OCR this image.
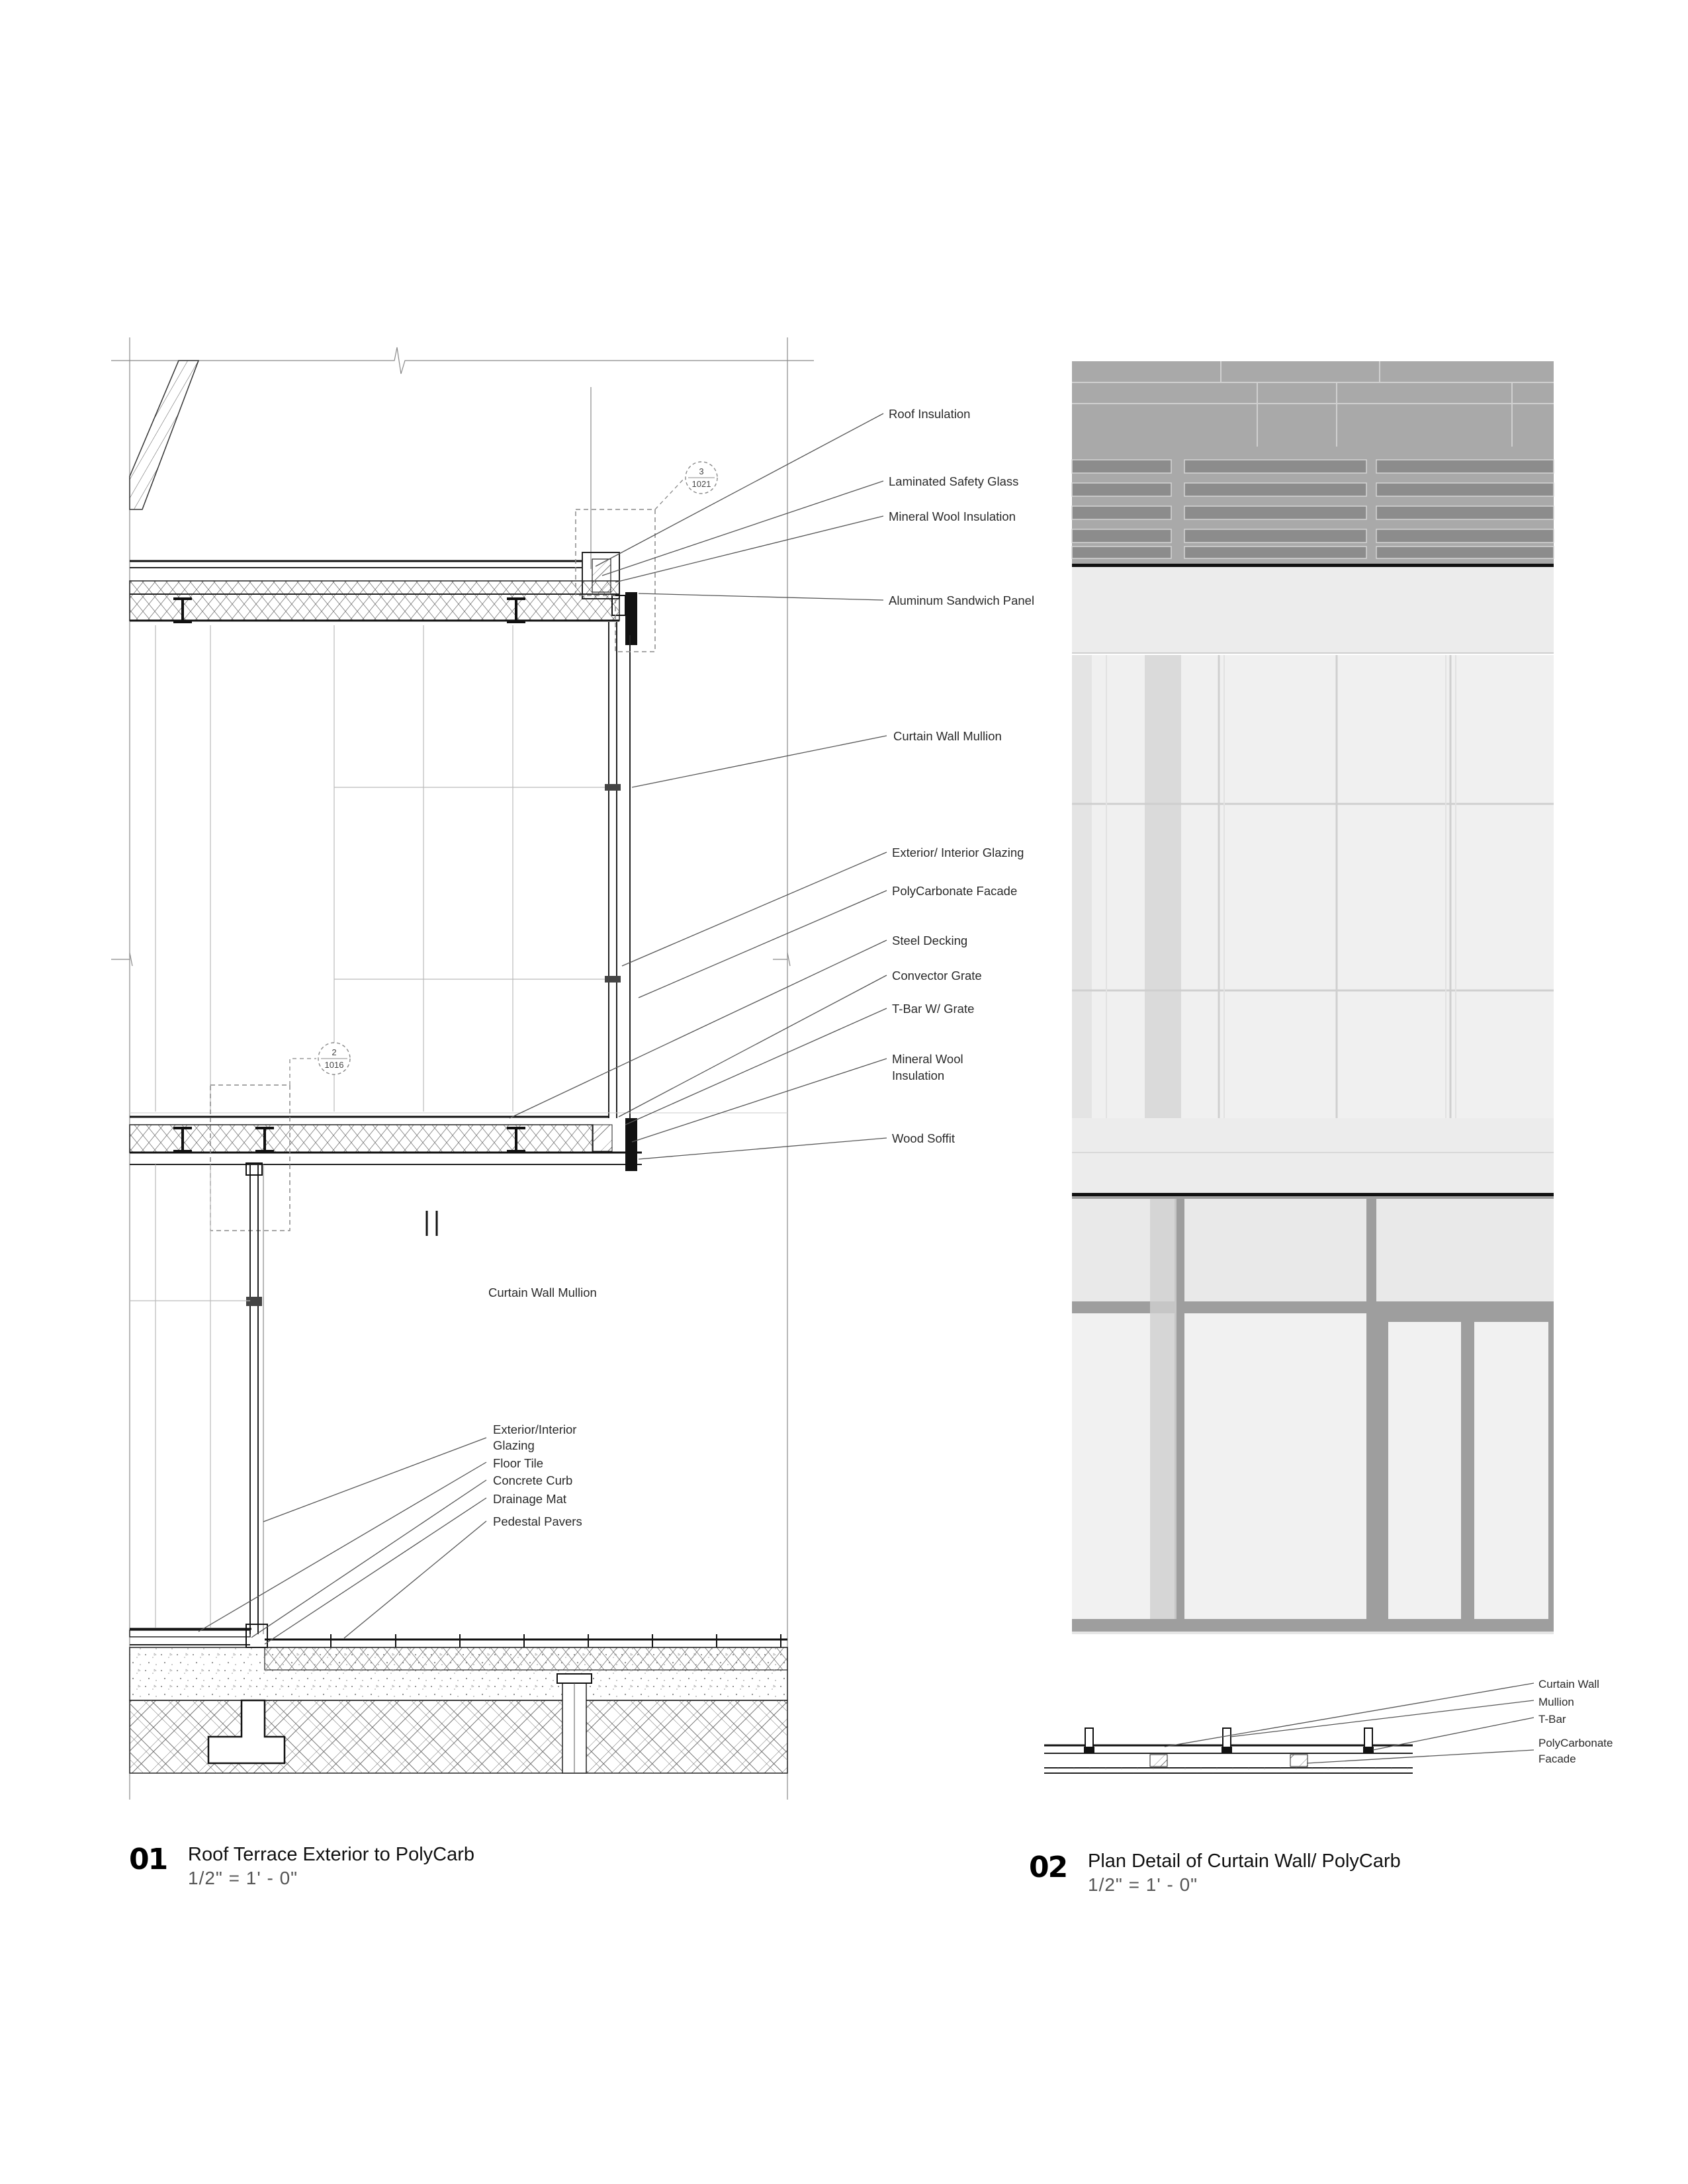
3
1021
2
1016
Roof Insulation
Laminated Safety Glass
Mineral Wool Insulation
Aluminum Sandwich Panel
Curtain Wall Mullion
Exterior/ Interior Glazing
PolyCarbonate Facade
Steel Decking
Convector Grate
T-Bar W/ Grate
Mineral Wool
Insulation
Wood Soffit
Curtain Wall Mullion
Exterior/Interior
Glazing
Floor Tile
Concrete Curb
Drainage Mat
Pedestal Pavers
01 Roof Terrace Exterior to PolyCarb
1/2" = 1' - 0"
Curtain Wall
Mullion
T-Bar
PolyCarbonate
Facade
02 Plan Detail of Curtain Wall/ PolyCarb
1/2" = 1' - 0"
